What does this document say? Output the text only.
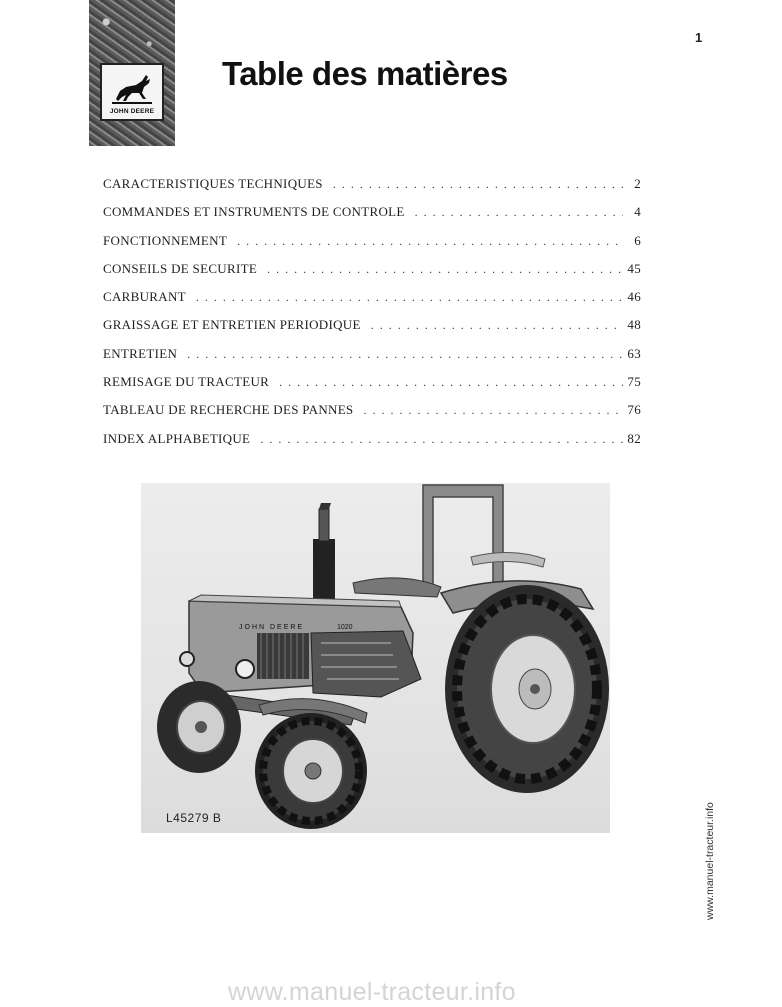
JOHN DEERE
1
Table des matières
CARACTERISTIQUES TECHNIQUES . . .	2
COMMANDES ET INSTRUMENTS DE CONTROLE . . .	4
FONCTIONNEMENT . . .	6
CONSEILS DE SECURITE . . .	45
CARBURANT . . .	46
GRAISSAGE ET ENTRETIEN PERIODIQUE . . .	48
ENTRETIEN . . .	63
REMISAGE DU TRACTEUR . . .	75
TABLEAU DE RECHERCHE DES PANNES . . .	76
INDEX ALPHABETIQUE . . .	82
JOHN DEERE	1020
L45279 B
www.manuel-tracteur.info
www.manuel-tracteur.info
